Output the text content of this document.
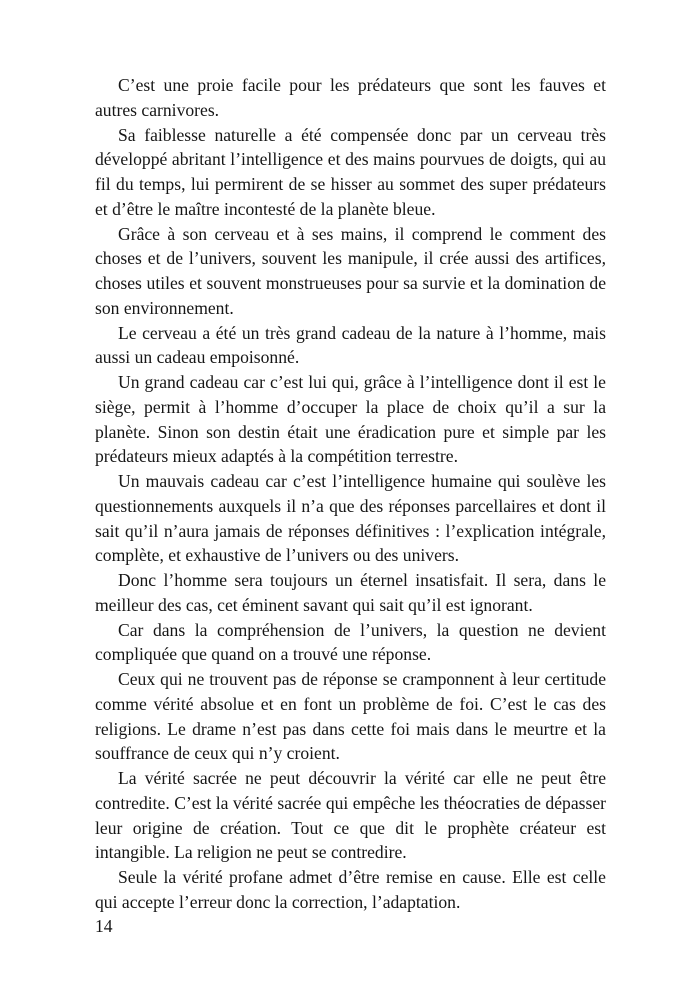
C’est une proie facile pour les prédateurs que sont les fauves et autres carnivores.

Sa faiblesse naturelle a été compensée donc par un cerveau très développé abritant l’intelligence et des mains pourvues de doigts, qui au fil du temps, lui permirent de se hisser au sommet des super prédateurs et d’être le maître incontesté de la planète bleue.

Grâce à son cerveau et à ses mains, il comprend le comment des choses et de l’univers, souvent les manipule, il crée aussi des artifices, choses utiles et souvent monstrueuses pour sa survie et la domination de son environnement.

Le cerveau a été un très grand cadeau de la nature à l’homme, mais aussi un cadeau empoisonné.

Un grand cadeau car c’est lui qui, grâce à l’intelligence dont il est le siège, permit à l’homme d’occuper la place de choix qu’il a sur la planète. Sinon son destin était une éradication pure et simple par les prédateurs mieux adaptés à la compétition terrestre.

Un mauvais cadeau car c’est l’intelligence humaine qui soulève les questionnements auxquels il n’a que des réponses parcellaires et dont il sait qu’il n’aura jamais de réponses définitives : l’explication intégrale, complète, et exhaustive de l’univers ou des univers.

Donc l’homme sera toujours un éternel insatisfait. Il sera, dans le meilleur des cas, cet éminent savant qui sait qu’il est ignorant.

Car dans la compréhension de l’univers, la question ne devient compliquée que quand on a trouvé une réponse.

Ceux qui ne trouvent pas de réponse se cramponnent à leur certitude comme vérité absolue et en font un problème de foi. C’est le cas des religions. Le drame n’est pas dans cette foi mais dans le meurtre et la souffrance de ceux qui n’y croient.

La vérité sacrée ne peut découvrir la vérité car elle ne peut être contredite. C’est la vérité sacrée qui empêche les théocraties de dépasser leur origine de création. Tout ce que dit le prophète créateur est intangible. La religion ne peut se contredire.

Seule la vérité profane admet d’être remise en cause. Elle est celle qui accepte l’erreur donc la correction, l’adaptation.

14
